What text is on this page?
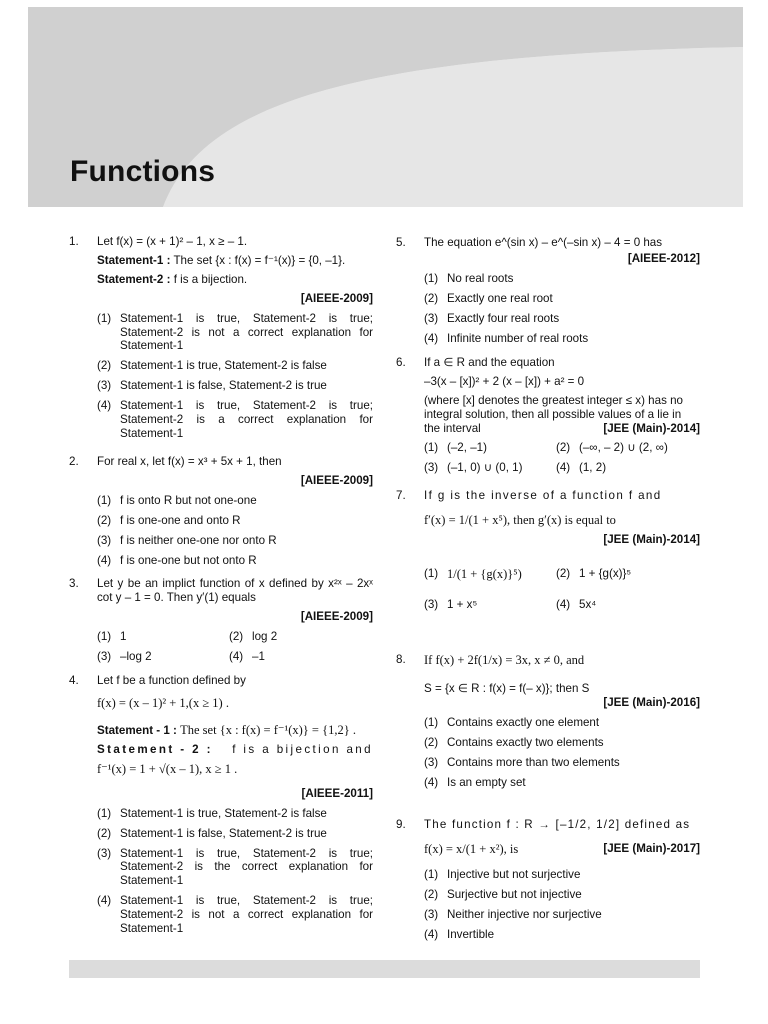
Functions
1. Let f(x) = (x + 1)² – 1, x ≥ – 1.

Statement-1 : The set {x : f(x) = f⁻¹(x)} = {0, –1}.

Statement-2 : f is a bijection.

[AIEEE-2009]
(1) Statement-1 is true, Statement-2 is true; Statement-2 is not a correct explanation for Statement-1
(2) Statement-1 is true, Statement-2 is false
(3) Statement-1 is false, Statement-2 is true
(4) Statement-1 is true, Statement-2 is true; Statement-2 is a correct explanation for Statement-1
2. For real x, let f(x) = x³ + 5x + 1, then

[AIEEE-2009]
(1) f is onto R but not one-one
(2) f is one-one and onto R
(3) f is neither one-one nor onto R
(4) f is one-one but not onto R
3. Let y be an implict function of x defined by x²ˣ – 2xˣ cot y – 1 = 0. Then y′(1) equals

[AIEEE-2009]
(1) 1	(2) log 2
(3) –log 2	(4) –1
4. Let f be a function defined by

f(x) = (x – 1)² + 1,(x ≥ 1) .

Statement - 1 : The set {x : f(x) = f⁻¹(x)} = {1,2} .

Statement - 2 : f is a bijection and

f⁻¹(x) = 1 + √(x – 1), x ≥ 1 .

[AIEEE-2011]
(1) Statement-1 is true, Statement-2 is false
(2) Statement-1 is false, Statement-2 is true
(3) Statement-1 is true, Statement-2 is true; Statement-2 is the correct explanation for Statement-1
(4) Statement-1 is true, Statement-2 is true; Statement-2 is not a correct explanation for Statement-1
5. The equation e^(sin x) – e^(–sin x) – 4 = 0 has

[AIEEE-2012]
(1) No real roots
(2) Exactly one real root
(3) Exactly four real roots
(4) Infinite number of real roots
6. If a ∈ R and the equation

–3(x – [x])² + 2 (x – [x]) + a² = 0

(where [x] denotes the greatest integer ≤ x) has no integral solution, then all possible values of a lie in the interval	[JEE (Main)-2014]
(1) (–2, –1)	(2) (–∞, – 2) ∪ (2, ∞)
(3) (–1, 0) ∪ (0, 1)	(4) (1, 2)
7. If g is the inverse of a function f and

f′(x) = 1/(1 + x⁵), then g′(x) is equal to

[JEE (Main)-2014]
(1) 1/(1 + {g(x)}⁵)	(2) 1 + {g(x)}⁵
(3) 1 + x⁵	(4) 5x⁴
8. If f(x) + 2f(1/x) = 3x, x ≠ 0, and

S = {x ∈ R : f(x) = f(– x)}; then S

[JEE (Main)-2016]
(1) Contains exactly one element
(2) Contains exactly two elements
(3) Contains more than two elements
(4) Is an empty set
9. The function f : R → [–1/2, 1/2] defined as

f(x) = x/(1 + x²), is	[JEE (Main)-2017]
(1) Injective but not surjective
(2) Surjective but not injective
(3) Neither injective nor surjective
(4) Invertible
